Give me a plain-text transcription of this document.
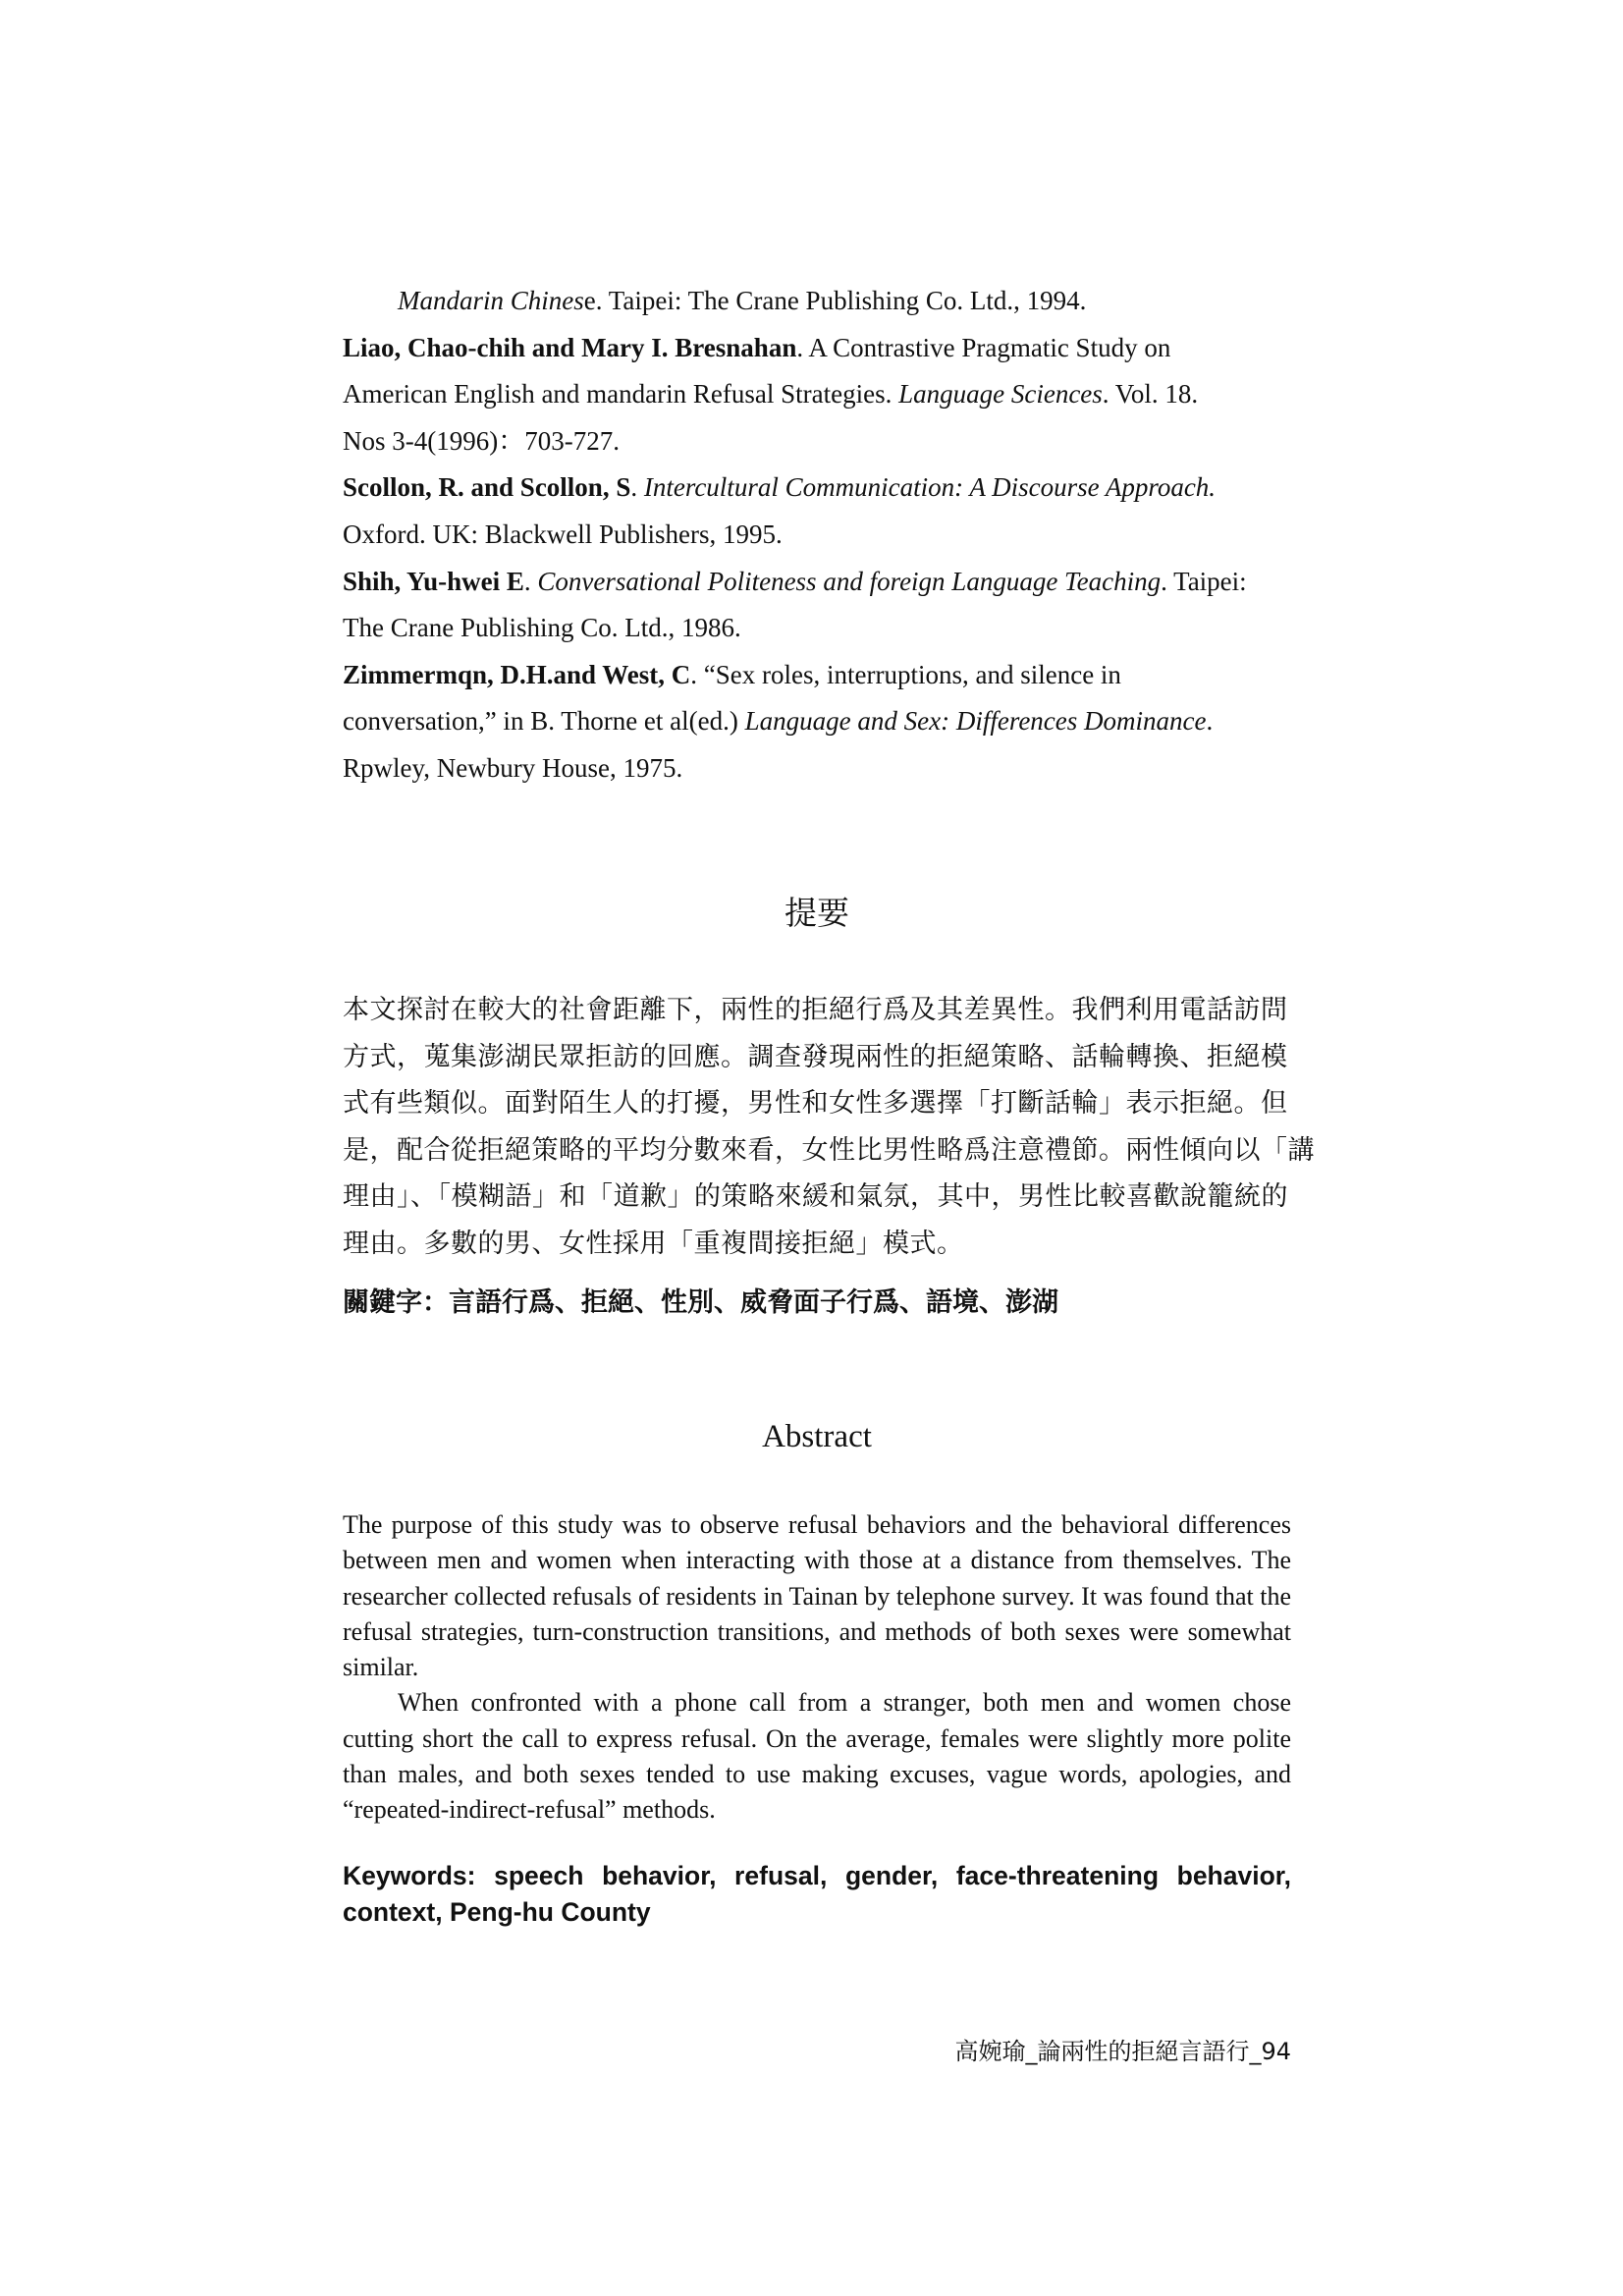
Mandarin Chinese. Taipei: The Crane Publishing Co. Ltd., 1994.
Liao, Chao-chih and Mary I. Bresnahan. A Contrastive Pragmatic Study on
American English and mandarin Refusal Strategies. Language Sciences. Vol. 18.
Nos 3-4(1996)：703-727.
Scollon, R. and Scollon, S. Intercultural Communication: A Discourse Approach.
Oxford. UK: Blackwell Publishers, 1995.
Shih, Yu-hwei E. Conversational Politeness and foreign Language Teaching. Taipei:
The Crane Publishing Co. Ltd., 1986.
Zimmermqn, D.H.and West, C. “Sex roles, interruptions, and silence in
conversation,” in B. Thorne et al(ed.) Language and Sex: Differences Dominance.
Rpwley, Newbury House, 1975.
提要
本文探討在較大的社會距離下，兩性的拒絕行爲及其差異性。我們利用電話訪問
方式，蒐集澎湖民眾拒訪的回應。調查發現兩性的拒絕策略、話輪轉換、拒絕模
式有些類似。面對陌生人的打擾，男性和女性多選擇「打斷話輪」表示拒絕。但
是，配合從拒絕策略的平均分數來看，女性比男性略爲注意禮節。兩性傾向以「講
理由」、「模糊語」和「道歉」的策略來緩和氣氛，其中，男性比較喜歡說籠統的
理由。多數的男、女性採用「重複間接拒絕」模式。
關鍵字：言語行爲、拒絕、性別、威脅面子行爲、語境、澎湖
Abstract

The purpose of this study was to observe refusal behaviors and the behavioral differences between men and women when interacting with those at a distance from themselves. The researcher collected refusals of residents in Tainan by telephone survey. It was found that the refusal strategies, turn-construction transitions, and methods of both sexes were somewhat similar.

When confronted with a phone call from a stranger, both men and women chose cutting short the call to express refusal. On the average, females were slightly more polite than males, and both sexes tended to use making excuses, vague words, apologies, and “repeated-indirect-refusal” methods.

Keywords: speech behavior, refusal, gender, face-threatening behavior, context, Peng-hu County
高婉瑜_論兩性的拒絕言語行_94
